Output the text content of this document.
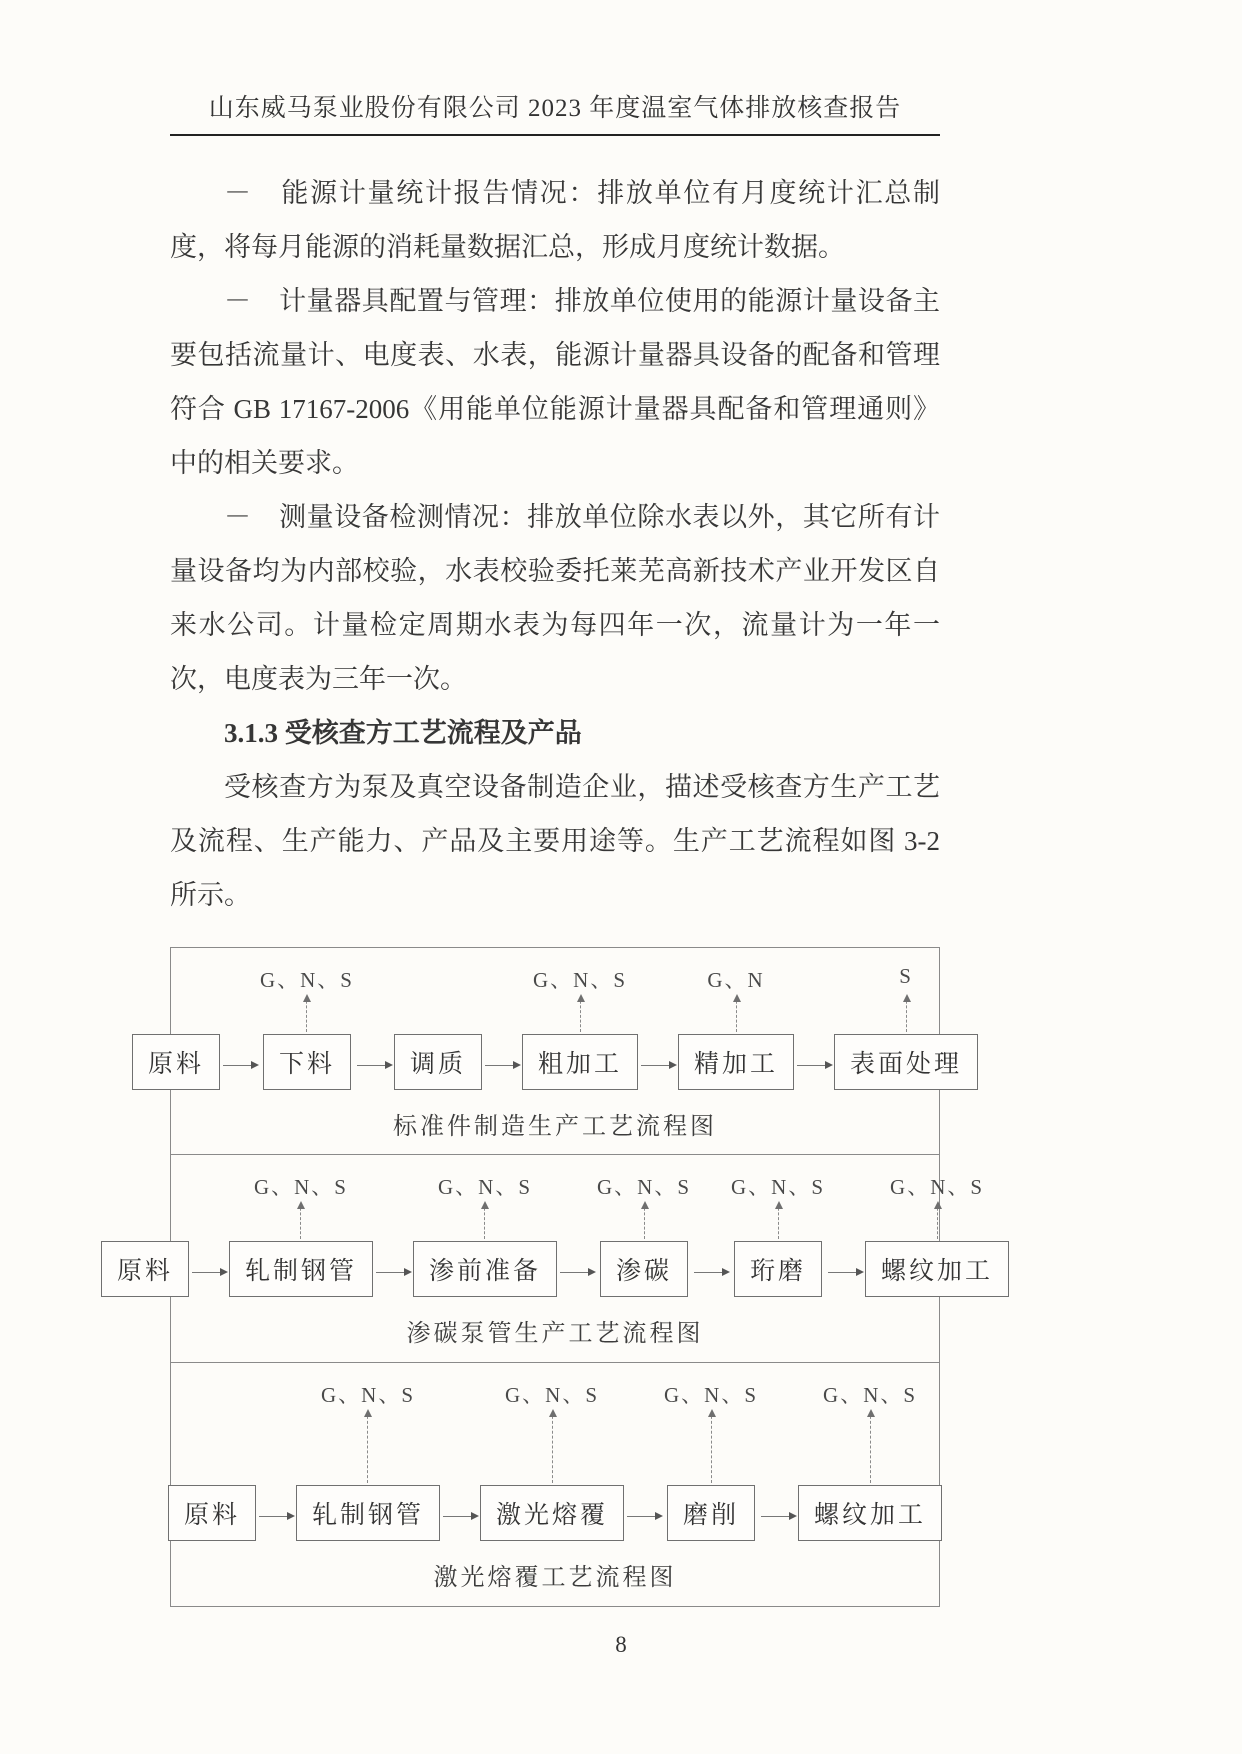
山东威马泵业股份有限公司 2023 年度温室气体排放核查报告

－　能源计量统计报告情况：排放单位有月度统计汇总制度，将每月能源的消耗量数据汇总，形成月度统计数据。

－　计量器具配置与管理：排放单位使用的能源计量设备主要包括流量计、电度表、水表，能源计量器具设备的配备和管理符合 GB 17167-2006《用能单位能源计量器具配备和管理通则》中的相关要求。

－　测量设备检测情况：排放单位除水表以外，其它所有计量设备均为内部校验，水表校验委托莱芜高新技术产业开发区自来水公司。计量检定周期水表为每四年一次，流量计为一年一次，电度表为三年一次。

3.1.3 受核查方工艺流程及产品

受核查方为泵及真空设备制造企业，描述受核查方生产工艺及流程、生产能力、产品及主要用途等。生产工艺流程如图 3-2 所示。

原料
G、N、S
下料	调质
G、N、S
粗加工
G、N
精加工
S
表面处理
标准件制造生产工艺流程图
原料
G、N、S
轧制钢管
G、N、S
渗前准备
G、N、S
渗碳
G、N、S
珩磨
G、N、S
螺纹加工
渗碳泵管生产工艺流程图
原料
G、N、S
轧制钢管
G、N、S
激光熔覆
G、N、S
磨削
G、N、S
螺纹加工
激光熔覆工艺流程图
8
